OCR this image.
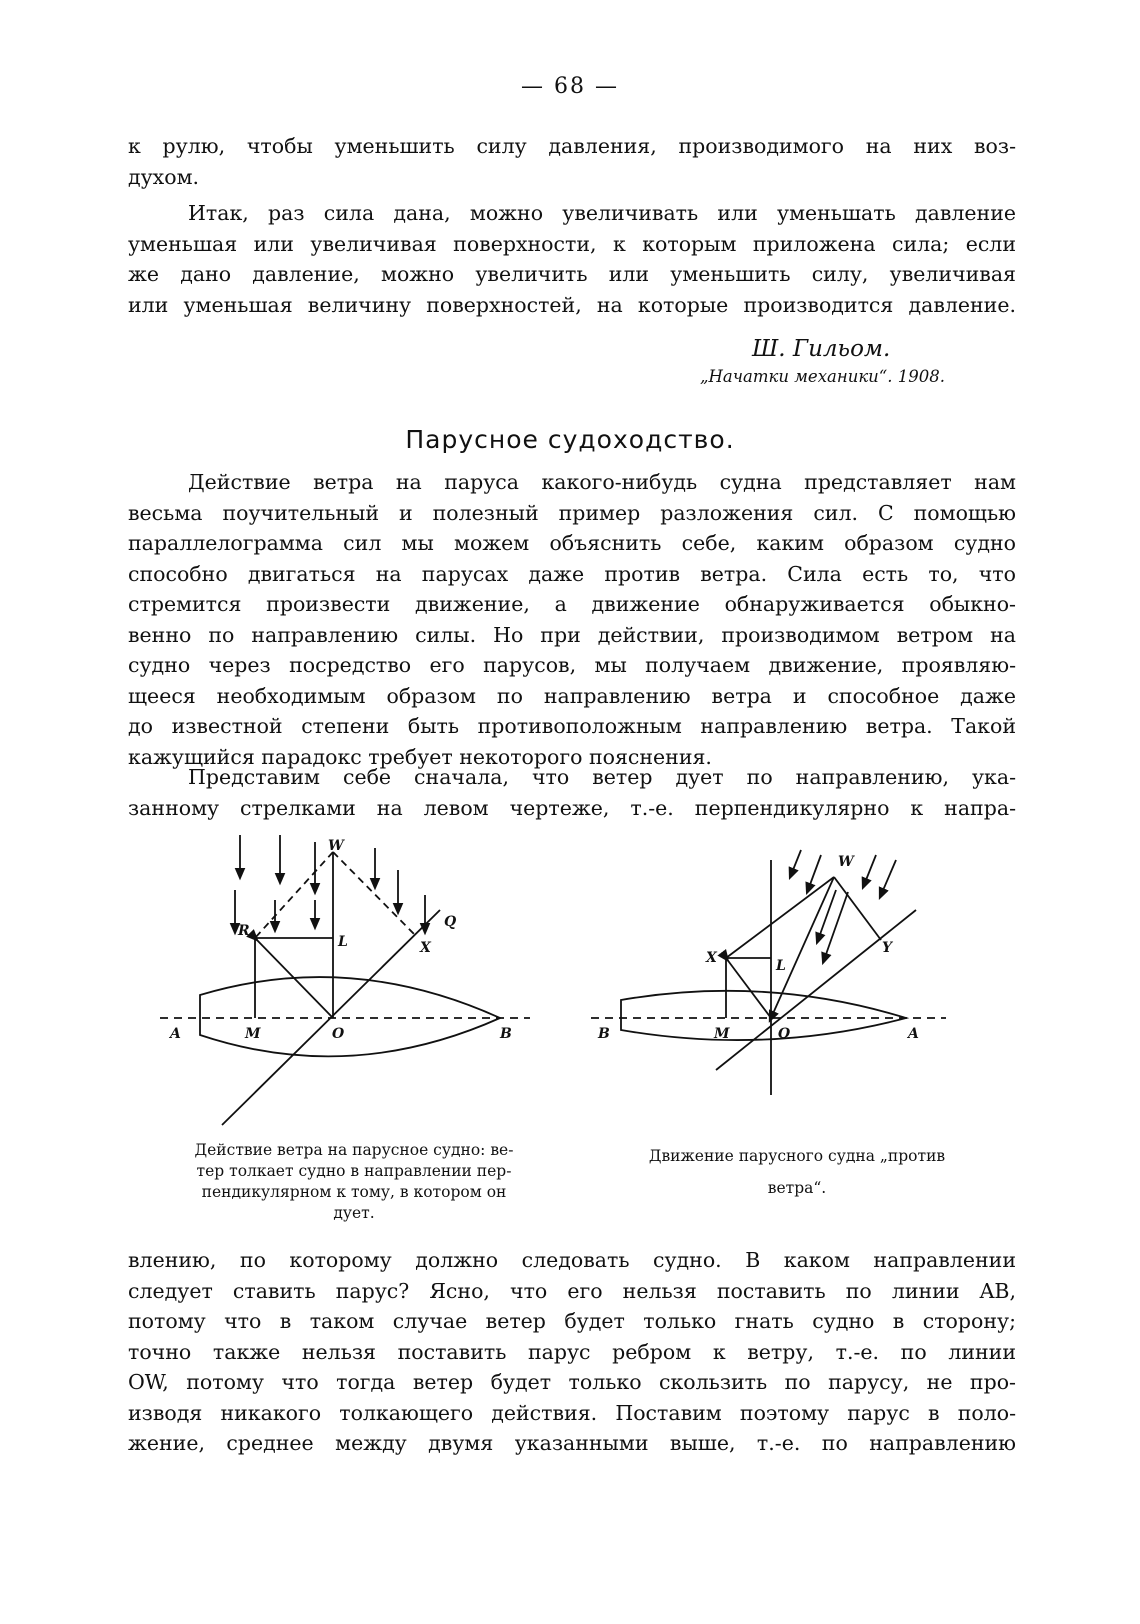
— 68 —
к рулю, чтобы уменьшить силу давления, производимого на них воз-
духом.
Итак, раз сила дана, можно увеличивать или уменьшать давление
уменьшая или увеличивая поверхности, к которым приложена сила; если
же дано давление, можно увеличить или уменьшить силу, увеличивая
или уменьшая величину поверхностей, на которые производится давление.
Ш. Гильом.
„Начатки механики“. 1908.
Парусное судоходство.
Действие ветра на паруса какого-нибудь судна представляет нам
весьма поучительный и полезный пример разложения сил. С помощью
параллелограмма сил мы можем объяснить себе, каким образом судно
способно двигаться на парусах даже против ветра. Сила есть то, что
стремится произвести движение, а движение обнаруживается обыкно-
венно по направлению силы. Но при действии, производимом ветром на
судно через посредство его парусов, мы получаем движение, проявляю-
щееся необходимым образом по направлению ветра и способное даже
до известной степени быть противоположным направлению ветра. Такой
кажущийся парадокс требует некоторого пояснения.
Представим себе сначала, что ветер дует по направлению, ука-
занному стрелками на левом чертеже, т.-е. перпендикулярно к напра-
W
R
L	X
Q
A	M	O	B
W
X	L
Y
B	M	O	A
Действие ветра на парусное судно: ве-
тер толкает судно в направлении пер-
пендикулярном к тому, в котором он
дует.
Движение парусного судна „против
ветра“.
влению, по которому должно следовать судно. В каком направлении
следует ставить парус? Ясно, что его нельзя поставить по линии AB,
потому что в таком случае ветер будет только гнать судно в сторону;
точно также нельзя поставить парус ребром к ветру, т.-е. по линии
OW, потому что тогда ветер будет только скользить по парусу, не про-
изводя никакого толкающего действия. Поставим поэтому парус в поло-
жение, среднее между двумя указанными выше, т.-е. по направлению
